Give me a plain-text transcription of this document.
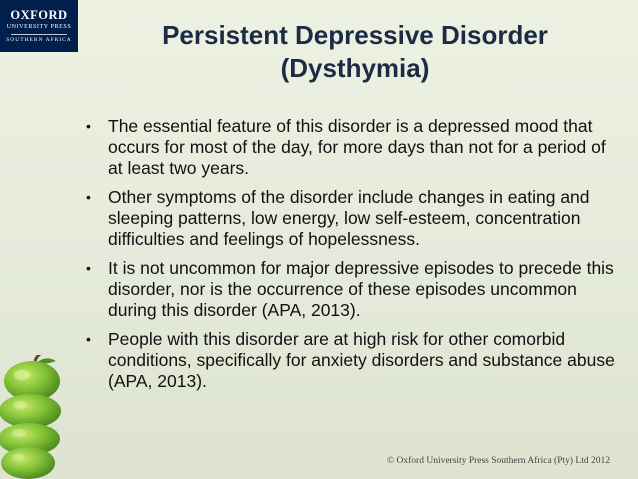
OXFORD
UNIVERSITY PRESS
SOUTHERN AFRICA	Persistent Depressive Disorder
(Dysthymia)
• The essential feature of this disorder is a depressed mood that occurs for most of the day, for more days than not for a period of at least two years.
• Other symptoms of the disorder include changes in eating and sleeping patterns, low energy, low self-esteem, concentration difficulties and feelings of hopelessness.
• It is not uncommon for major depressive episodes to precede this disorder, nor is the occurrence of these episodes uncommon during this disorder (APA, 2013).
• People with this disorder are at high risk for other comorbid conditions, specifically for anxiety disorders and substance abuse (APA, 2013).
© Oxford University Press Southern Africa (Pty) Ltd 2012
